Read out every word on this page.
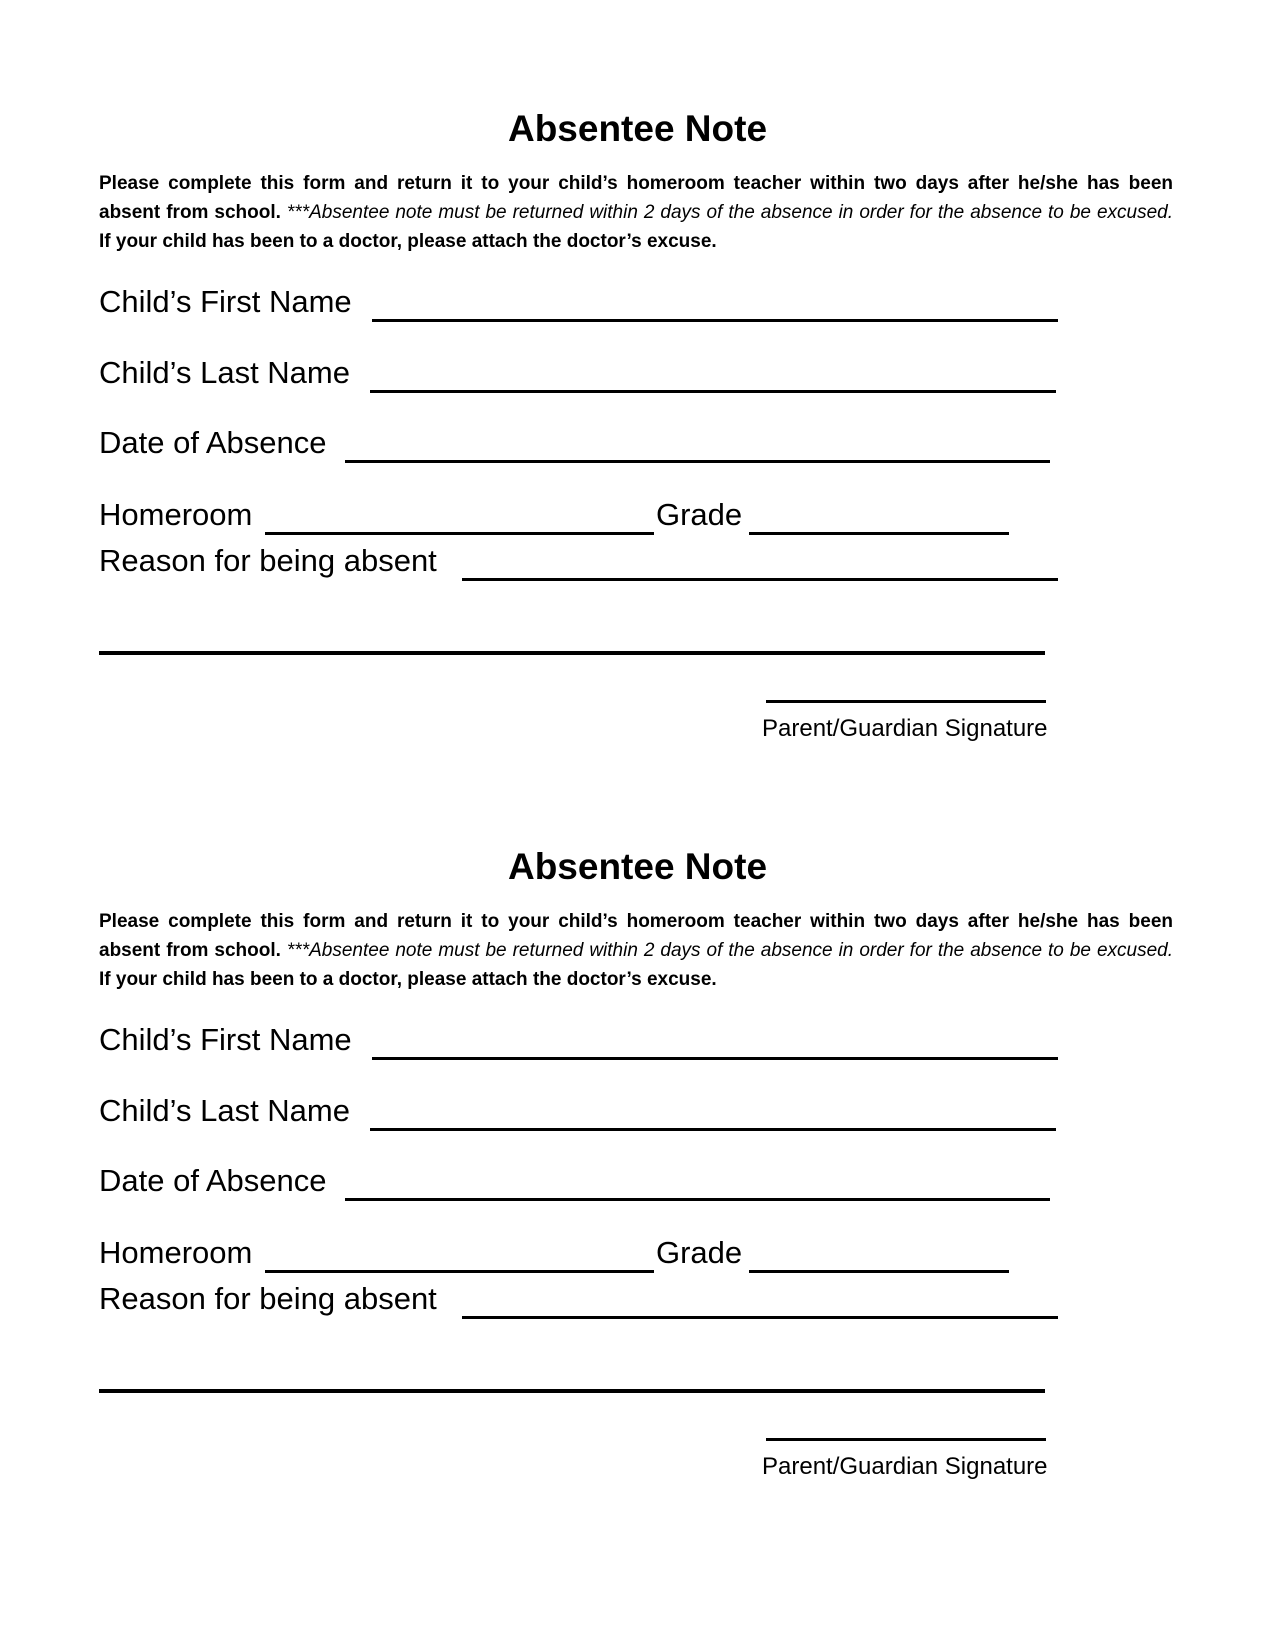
Absentee Note

Please complete this form and return it to your child’s homeroom teacher within two days after he/she has been absent from school. ***Absentee note must be returned within 2 days of the absence in order for the absence to be excused. If your child has been to a doctor, please attach the doctor’s excuse.

Child’s First Name
Child’s Last Name
Date of Absence
Homeroom	Grade
Reason for being absent
Parent/Guardian Signature
Absentee Note

Please complete this form and return it to your child’s homeroom teacher within two days after he/she has been absent from school. ***Absentee note must be returned within 2 days of the absence in order for the absence to be excused. If your child has been to a doctor, please attach the doctor’s excuse.

Child’s First Name
Child’s Last Name
Date of Absence
Homeroom	Grade
Reason for being absent
Parent/Guardian Signature
